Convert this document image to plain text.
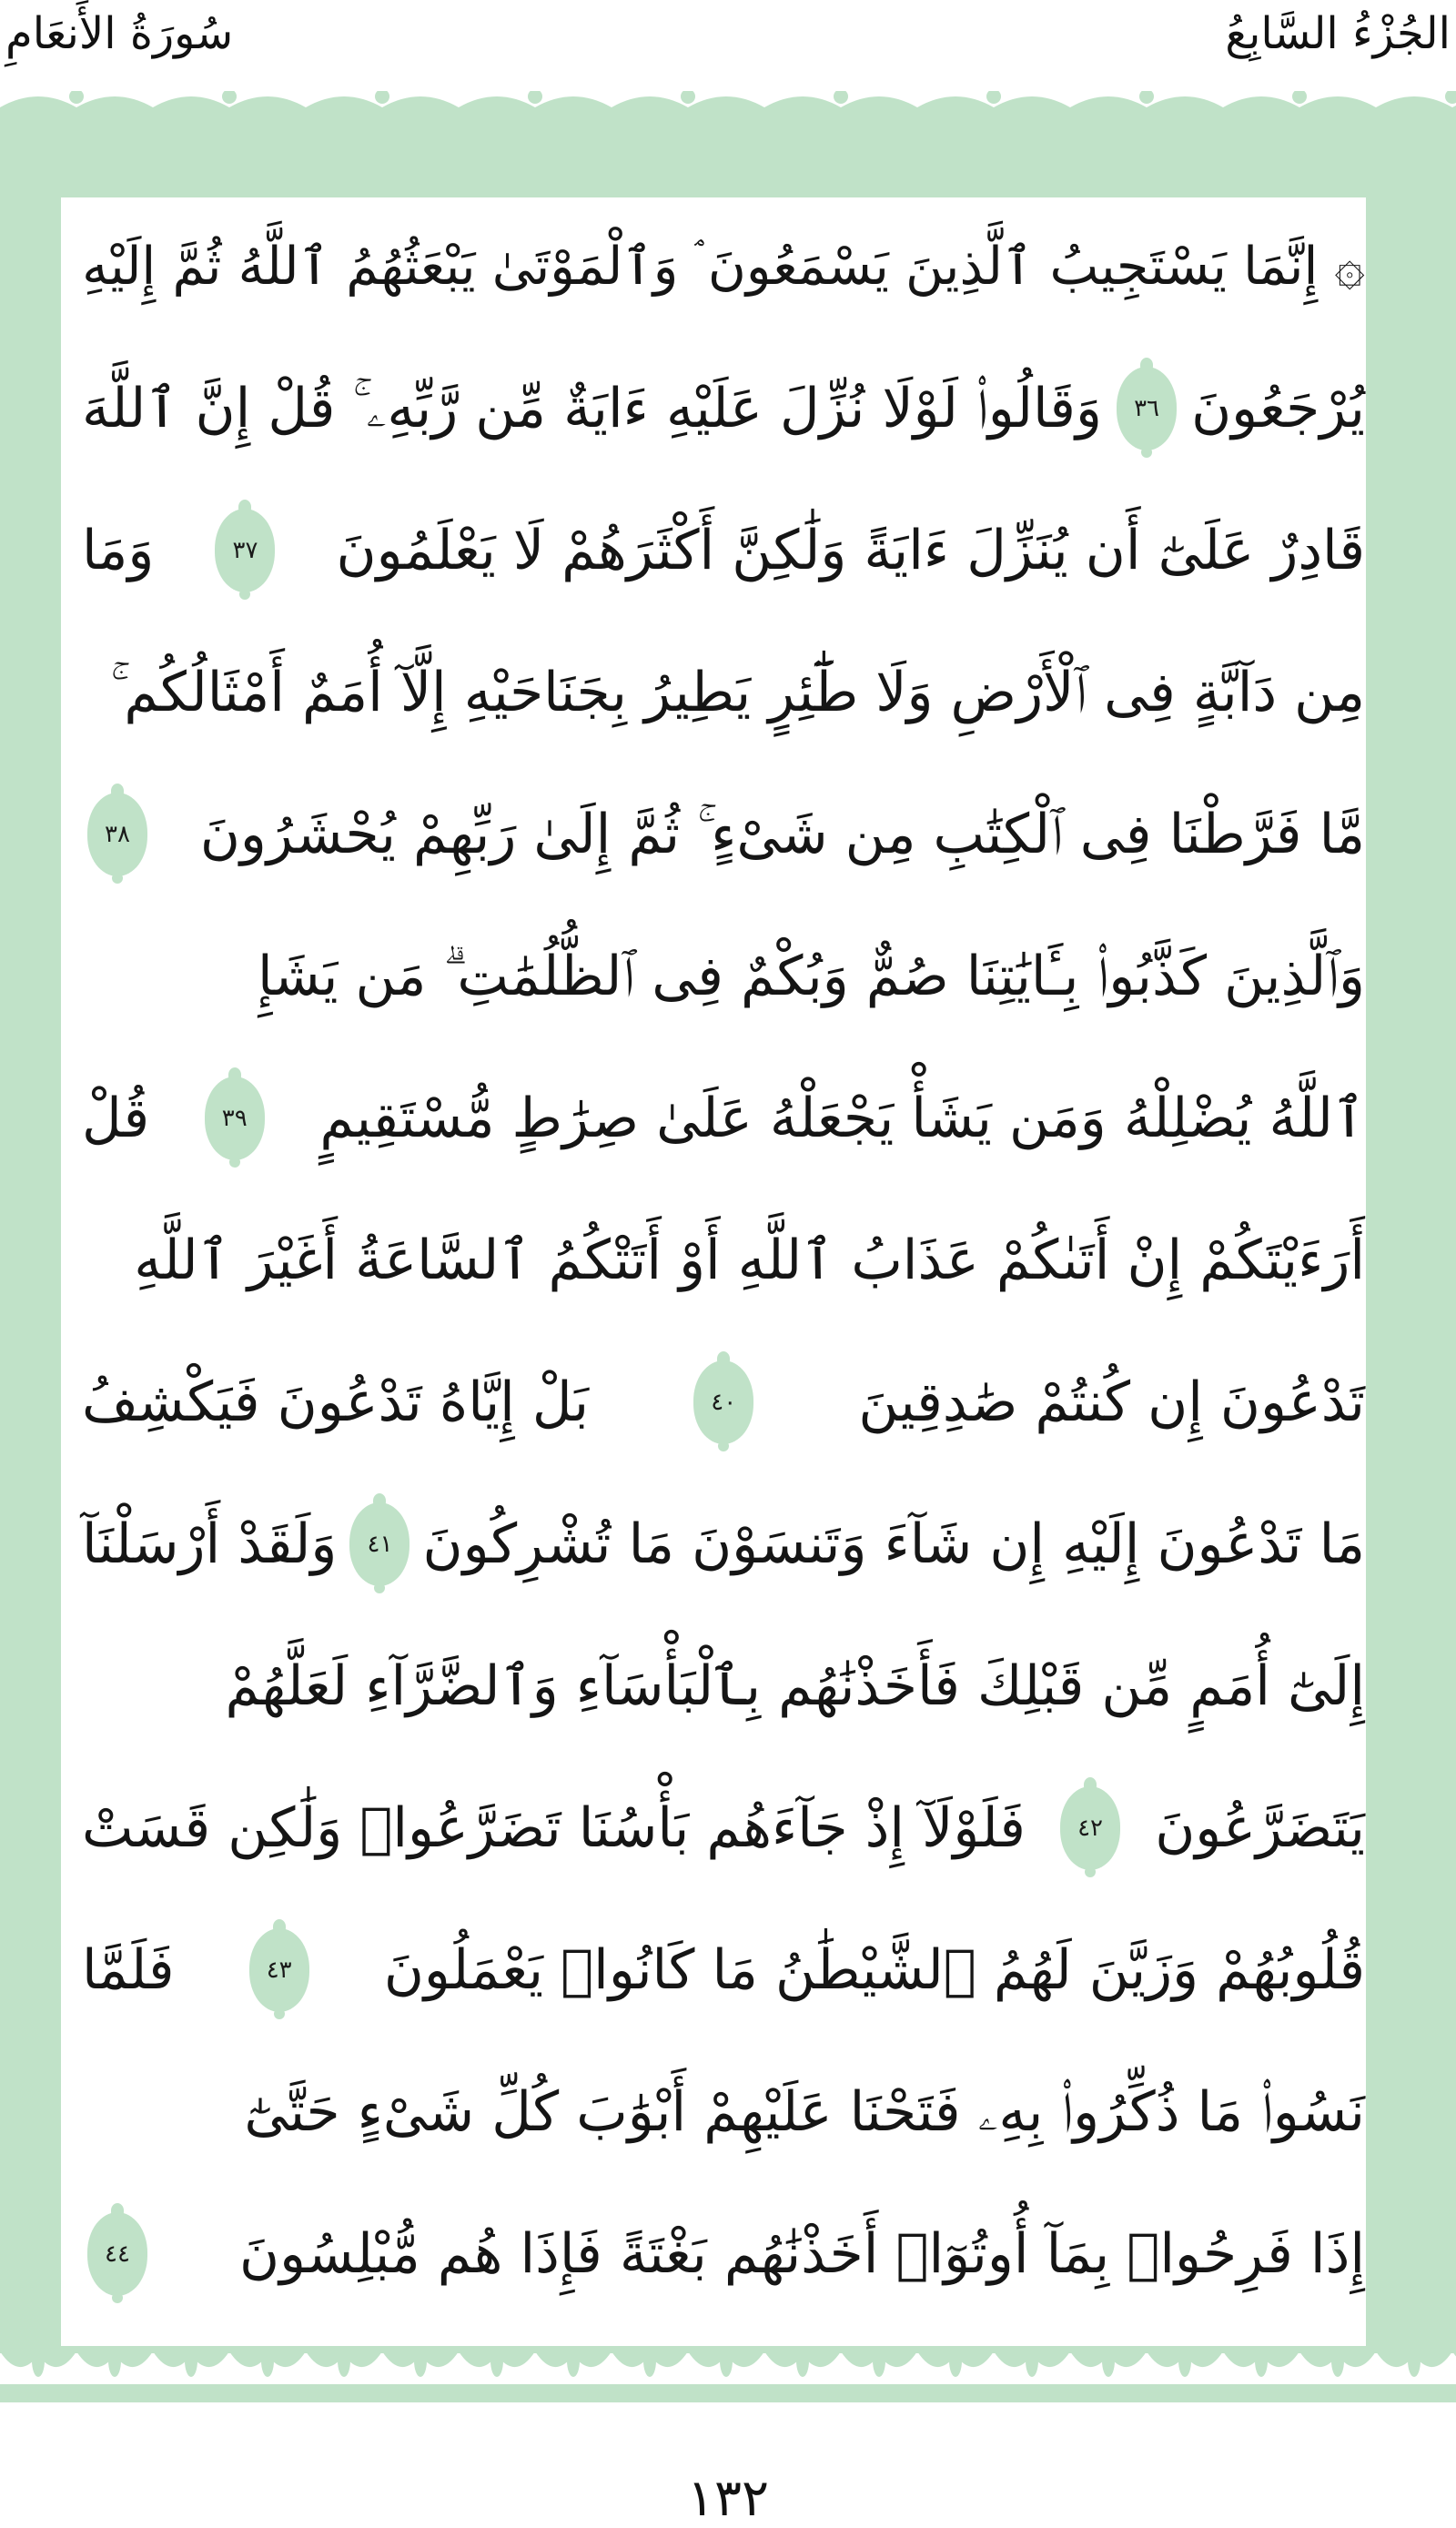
سُورَةُ الأَنعَامِ	الجُزْءُ السَّابِعُ
۞ إِنَّمَا يَسْتَجِيبُ ٱلَّذِينَ يَسْمَعُونَ ۘ وَٱلْمَوْتَىٰ يَبْعَثُهُمُ ٱللَّهُ ثُمَّ إِلَيْهِ
يُرْجَعُونَ
٣٦
وَقَالُوا۟ لَوْلَا نُزِّلَ عَلَيْهِ ءَايَةٌ مِّن رَّبِّهِۦ ۚ قُلْ إِنَّ ٱللَّهَ
قَادِرٌ عَلَىٰٓ أَن يُنَزِّلَ ءَايَةً وَلَٰكِنَّ أَكْثَرَهُمْ لَا يَعْلَمُونَ
٣٧
وَمَا
مِن دَآبَّةٍ فِى ٱلْأَرْضِ وَلَا طَٰٓئِرٍ يَطِيرُ بِجَنَاحَيْهِ إِلَّآ أُمَمٌ أَمْثَالُكُم ۚ
مَّا فَرَّطْنَا فِى ٱلْكِتَٰبِ مِن شَىْءٍ ۚ ثُمَّ إِلَىٰ رَبِّهِمْ يُحْشَرُونَ
٣٨
وَٱلَّذِينَ كَذَّبُوا۟ بِـَٔايَٰتِنَا صُمٌّ وَبُكْمٌ فِى ٱلظُّلُمَٰتِ ۗ مَن يَشَإِ
ٱللَّهُ يُضْلِلْهُ وَمَن يَشَأْ يَجْعَلْهُ عَلَىٰ صِرَٰطٍ مُّسْتَقِيمٍ
٣٩
قُلْ
أَرَءَيْتَكُمْ إِنْ أَتَىٰكُمْ عَذَابُ ٱللَّهِ أَوْ أَتَتْكُمُ ٱلسَّاعَةُ أَغَيْرَ ٱللَّهِ
تَدْعُونَ إِن كُنتُمْ صَٰدِقِينَ
٤٠
بَلْ إِيَّاهُ تَدْعُونَ فَيَكْشِفُ
مَا تَدْعُونَ إِلَيْهِ إِن شَآءَ وَتَنسَوْنَ مَا تُشْرِكُونَ
٤١
وَلَقَدْ أَرْسَلْنَآ
إِلَىٰٓ أُمَمٍ مِّن قَبْلِكَ فَأَخَذْنَٰهُم بِٱلْبَأْسَآءِ وَٱلضَّرَّآءِ لَعَلَّهُمْ
يَتَضَرَّعُونَ
٤٢
فَلَوْلَآ إِذْ جَآءَهُم بَأْسُنَا تَضَرَّعُوا۟ وَلَٰكِن قَسَتْ
قُلُوبُهُمْ وَزَيَّنَ لَهُمُ ٱلشَّيْطَٰنُ مَا كَانُوا۟ يَعْمَلُونَ
٤٣
فَلَمَّا
نَسُوا۟ مَا ذُكِّرُوا۟ بِهِۦ فَتَحْنَا عَلَيْهِمْ أَبْوَٰبَ كُلِّ شَىْءٍ حَتَّىٰٓ
إِذَا فَرِحُوا۟ بِمَآ أُوتُوٓا۟ أَخَذْنَٰهُم بَغْتَةً فَإِذَا هُم مُّبْلِسُونَ
٤٤
١٣٢
